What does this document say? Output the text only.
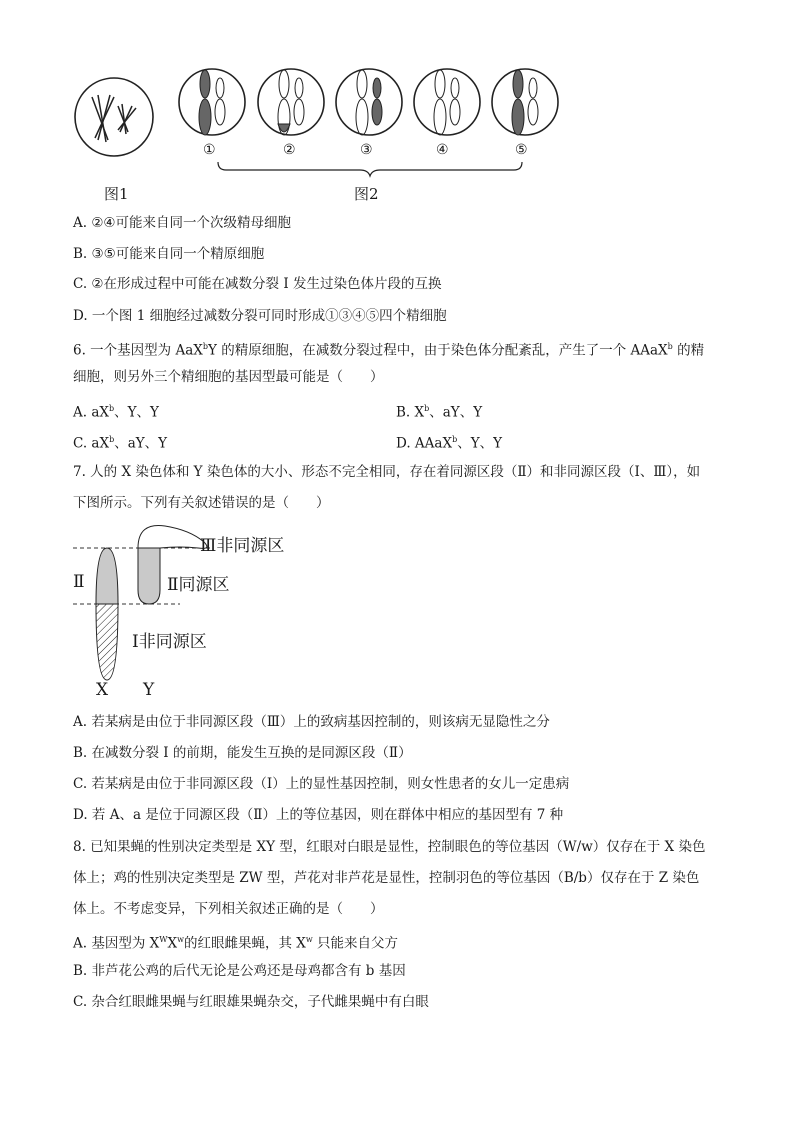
①	②	③	④	⑤
图1	图2
A. ②④可能来自同一个次级精母细胞
B. ③⑤可能来自同一个精原细胞
C. ②在形成过程中可能在减数分裂 I 发生过染色体片段的互换
D. 一个图 1 细胞经过减数分裂可同时形成①③④⑤四个精细胞
6. 一个基因型为 AaX$^b$Y 的精原细胞，在减数分裂过程中，由于染色体分配紊乱，产生了一个 AAaX$^b$ 的精
细胞，则另外三个精细胞的基因型最可能是（　　）
A. $aX^b$、Y、Y	B. $X^b$、aY、Y
C. $aX^b$、aY、Y	D. AAaX$^b$、Y、Y
7. 人的 X 染色体和 Y 染色体的大小、形态不完全相同，存在着同源区段（Ⅱ）和非同源区段（Ⅰ、Ⅲ），如
下图所示。下列有关叙述错误的是（　　）
Ⅲ非同源区
Ⅱ	Ⅱ同源区
Ⅰ非同源区
X Y
A. 若某病是由位于非同源区段（Ⅲ）上的致病基因控制的，则该病无显隐性之分
B. 在减数分裂 I 的前期，能发生互换的是同源区段（Ⅱ）
C. 若某病是由位于非同源区段（Ⅰ）上的显性基因控制，则女性患者的女儿一定患病
D. 若 A、a 是位于同源区段（Ⅱ）上的等位基因，则在群体中相应的基因型有 7 种
8. 已知果蝇的性别决定类型是 XY 型，红眼对白眼是显性，控制眼色的等位基因（W/w）仅存在于 X 染色
体上；鸡的性别决定类型是 ZW 型，芦花对非芦花是显性，控制羽色的等位基因（B/b）仅存在于 Z 染色
体上。不考虑变异，下列相关叙述正确的是（　　）
A. 基因型为 $X^WX^w$的红眼雌果蝇，其 $X^w$ 只能来自父方
B. 非芦花公鸡的后代无论是公鸡还是母鸡都含有 b 基因
C. 杂合红眼雌果蝇与红眼雄果蝇杂交，子代雌果蝇中有白眼
